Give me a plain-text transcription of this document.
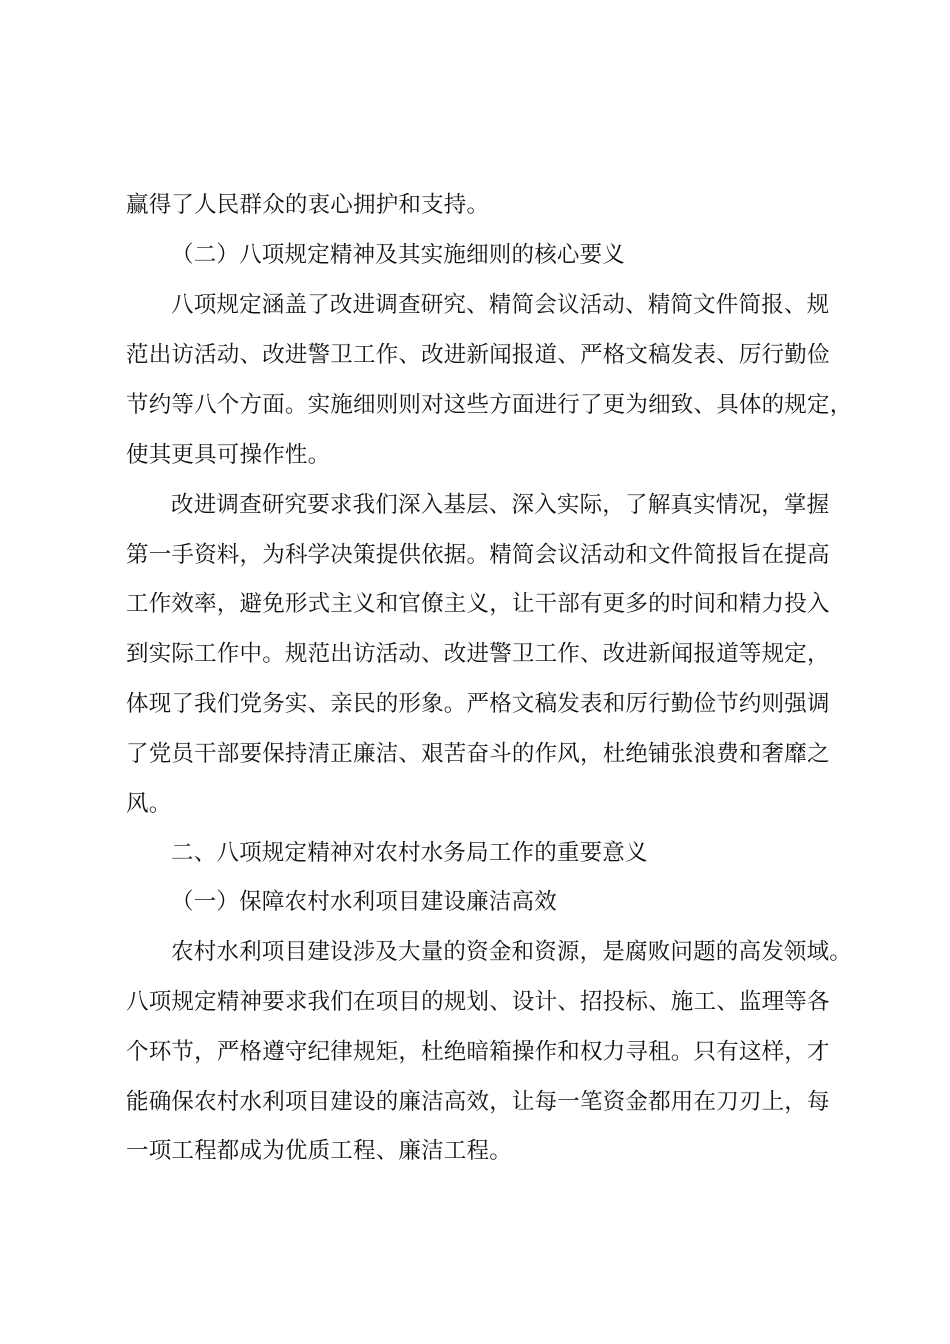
赢得了人民群众的衷心拥护和支持。
（二）八项规定精神及其实施细则的核心要义
八项规定涵盖了改进调查研究、精简会议活动、精简文件简报、规
范出访活动、改进警卫工作、改进新闻报道、严格文稿发表、厉行勤俭
节约等八个方面。实施细则则对这些方面进行了更为细致、具体的规定，
使其更具可操作性。
改进调查研究要求我们深入基层、深入实际，了解真实情况，掌握
第一手资料，为科学决策提供依据。精简会议活动和文件简报旨在提高
工作效率，避免形式主义和官僚主义，让干部有更多的时间和精力投入
到实际工作中。规范出访活动、改进警卫工作、改进新闻报道等规定，
体现了我们党务实、亲民的形象。严格文稿发表和厉行勤俭节约则强调
了党员干部要保持清正廉洁、艰苦奋斗的作风，杜绝铺张浪费和奢靡之
风。
二、八项规定精神对农村水务局工作的重要意义
（一）保障农村水利项目建设廉洁高效
农村水利项目建设涉及大量的资金和资源，是腐败问题的高发领域。
八项规定精神要求我们在项目的规划、设计、招投标、施工、监理等各
个环节，严格遵守纪律规矩，杜绝暗箱操作和权力寻租。只有这样，才
能确保农村水利项目建设的廉洁高效，让每一笔资金都用在刀刃上，每
一项工程都成为优质工程、廉洁工程。
